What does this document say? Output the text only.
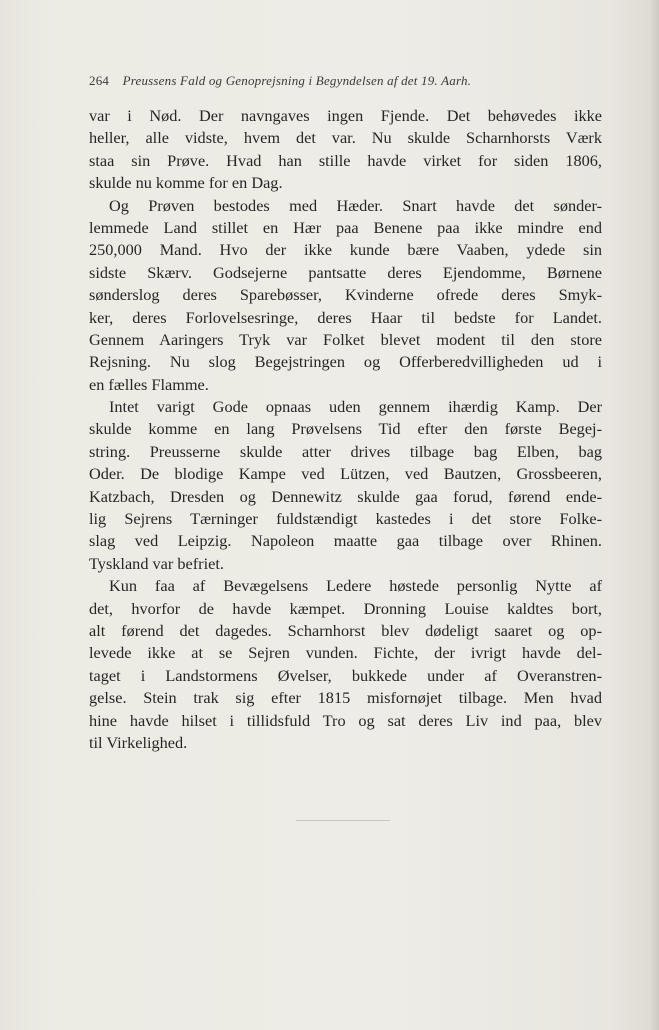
264 Preussens Fald og Genoprejsning i Begyndelsen af det 19. Aarh.
var i Nød. Der navngaves ingen Fjende. Det behøvedes ikke
heller, alle vidste, hvem det var. Nu skulde Scharnhorsts Værk
staa sin Prøve. Hvad han stille havde virket for siden 1806,
skulde nu komme for en Dag.
Og Prøven bestodes med Hæder. Snart havde det sønder-
lemmede Land stillet en Hær paa Benene paa ikke mindre end
250,000 Mand. Hvo der ikke kunde bære Vaaben, ydede sin
sidste Skærv. Godsejerne pantsatte deres Ejendomme, Børnene
sønderslog deres Sparebøsser, Kvinderne ofrede deres Smyk-
ker, deres Forlovelsesringe, deres Haar til bedste for Landet.
Gennem Aaringers Tryk var Folket blevet modent til den store
Rejsning. Nu slog Begejstringen og Offerberedvilligheden ud i
en fælles Flamme.
Intet varigt Gode opnaas uden gennem ihærdig Kamp. Der
skulde komme en lang Prøvelsens Tid efter den første Begej-
string. Preusserne skulde atter drives tilbage bag Elben, bag
Oder. De blodige Kampe ved Lützen, ved Bautzen, Grossbeeren,
Katzbach, Dresden og Dennewitz skulde gaa forud, førend ende-
lig Sejrens Tærninger fuldstændigt kastedes i det store Folke-
slag ved Leipzig. Napoleon maatte gaa tilbage over Rhinen.
Tyskland var befriet.
Kun faa af Bevægelsens Ledere høstede personlig Nytte af
det, hvorfor de havde kæmpet. Dronning Louise kaldtes bort,
alt førend det dagedes. Scharnhorst blev dødeligt saaret og op-
levede ikke at se Sejren vunden. Fichte, der ivrigt havde del-
taget i Landstormens Øvelser, bukkede under af Overanstren-
gelse. Stein trak sig efter 1815 misfornøjet tilbage. Men hvad
hine havde hilset i tillidsfuld Tro og sat deres Liv ind paa, blev
til Virkelighed.
